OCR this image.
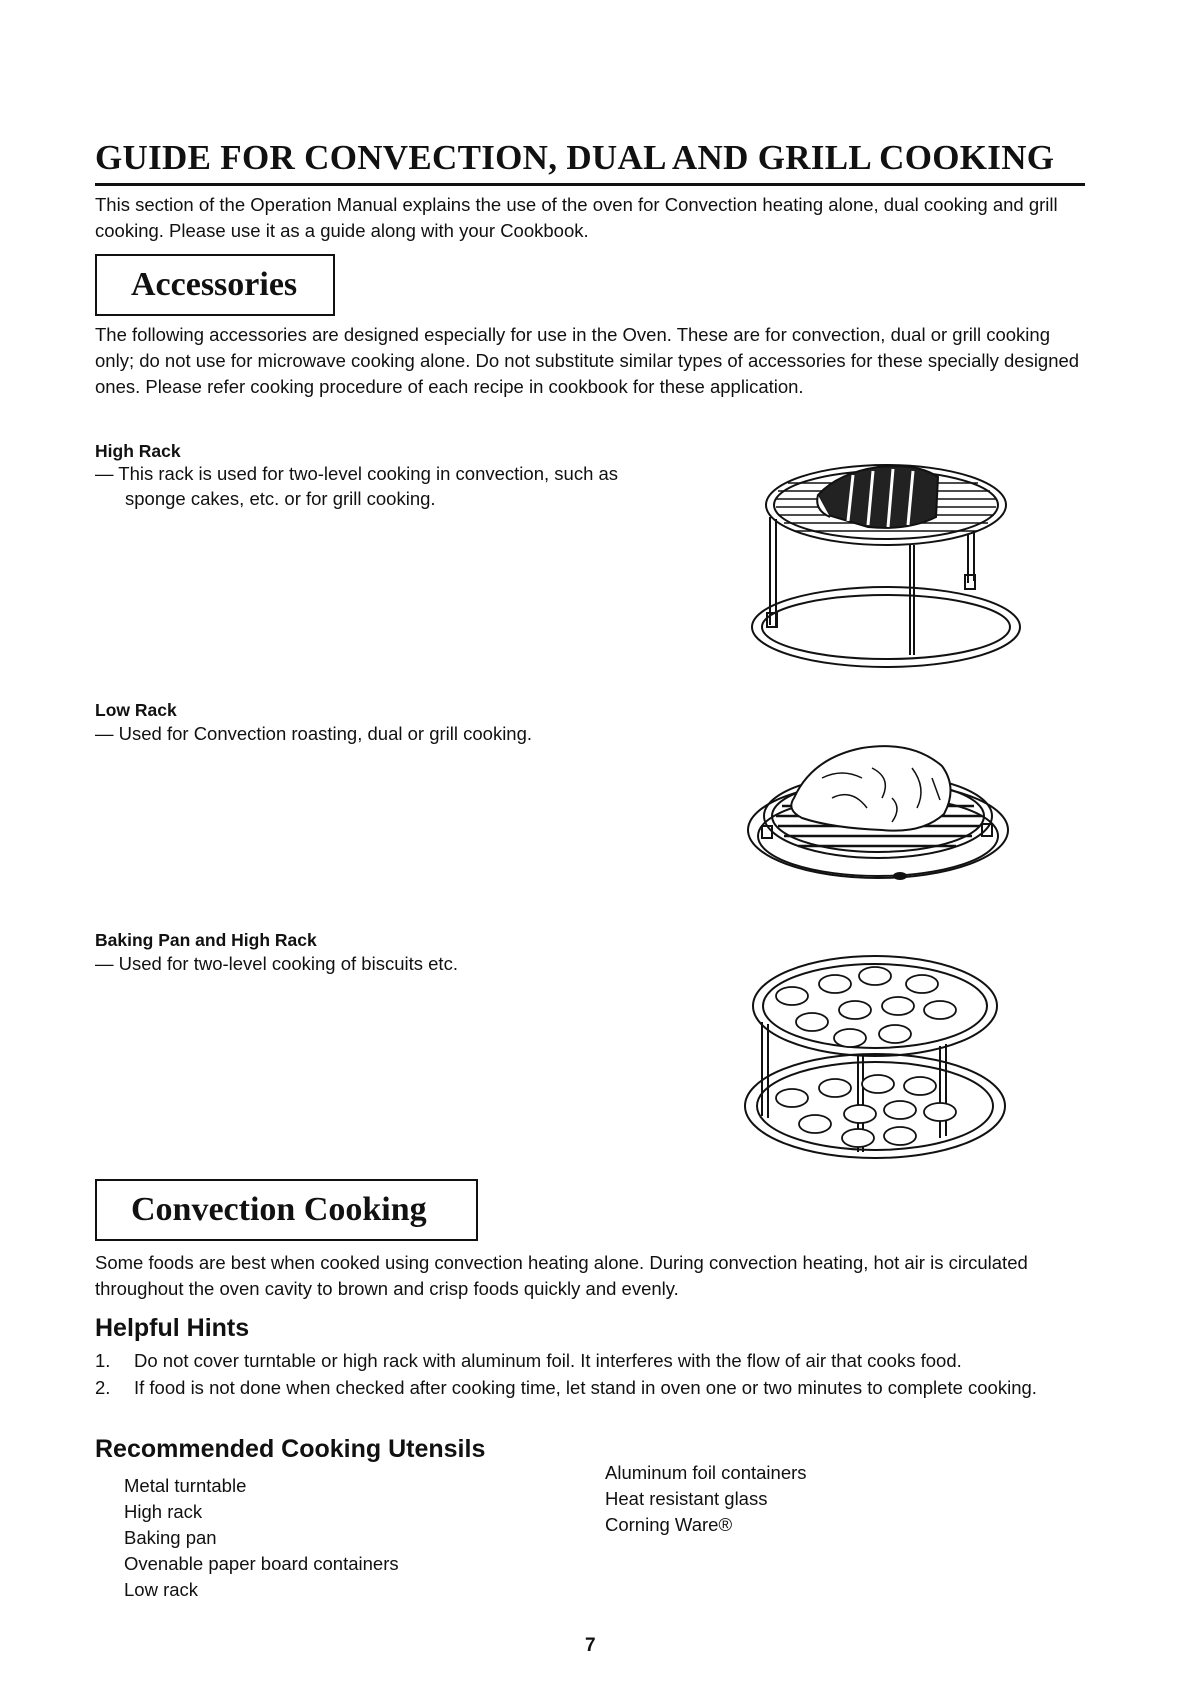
GUIDE FOR CONVECTION, DUAL AND GRILL COOKING
This section of the Operation Manual explains the use of the oven for Convection heating alone, dual cooking and grill cooking. Please use it as a guide along with your Cookbook.
Accessories
The following accessories are designed especially for use in the Oven. These are for convection, dual or grill cooking only; do not use for microwave cooking alone. Do not substitute similar types of accessories for these specially designed ones. Please refer cooking procedure of each recipe in cookbook for these application.
High Rack
— This rack is used for two-level cooking in convection, such as sponge cakes, etc. or for grill cooking.
Low Rack
— Used for Convection roasting, dual or grill cooking.
Baking Pan and High Rack
— Used for two-level cooking of biscuits etc.
Convection Cooking
Some foods are best when cooked using convection heating alone. During convection heating, hot air is circulated throughout the oven cavity to brown and crisp foods quickly and evenly.
Helpful Hints
1. Do not cover turntable or high rack with aluminum foil. It interferes with the flow of air that cooks food.
2. If food is not done when checked after cooking time, let stand in oven one or two minutes to complete cooking.
Recommended Cooking Utensils
Metal turntable
High rack
Baking pan
Ovenable paper board containers
Low rack
Aluminum foil containers
Heat resistant glass
Corning Ware®
7
